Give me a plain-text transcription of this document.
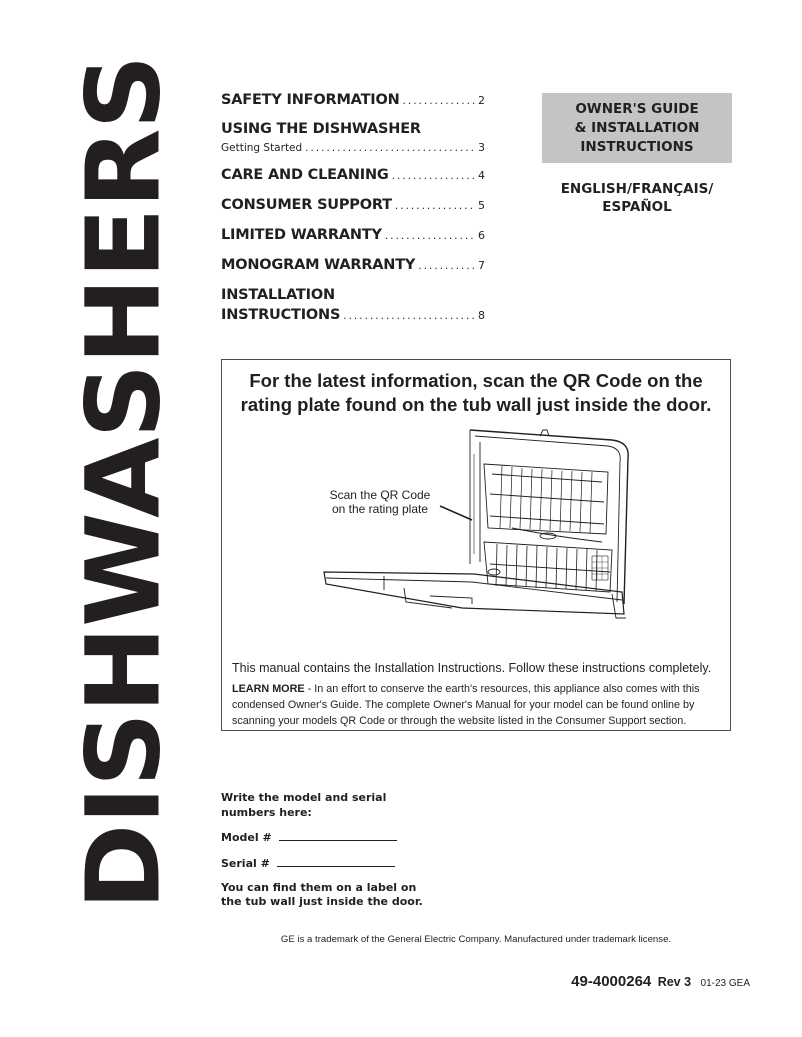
DISHWASHERS	SAFETY INFORMATION .....	2
USING THE DISHWASHER
Getting Started .....	3
CARE AND CLEANING .....	4
CONSUMER SUPPORT .....	5
LIMITED WARRANTY .....	6
MONOGRAM WARRANTY .....	7
INSTALLATION
INSTRUCTIONS .....	8
OWNER'S GUIDE
& INSTALLATION
INSTRUCTIONS
ENGLISH/FRANÇAIS/
ESPAÑOL
For the latest information, scan the QR Code on the
rating plate found on the tub wall just inside the door.
Scan the QR Code
on the rating plate
This manual contains the Installation Instructions. Follow these instructions completely.
LEARN MORE - In an effort to conserve the earth's resources, this appliance also comes with this condensed Owner's Guide. The complete Owner's Manual for your model can be found online by scanning your models QR Code or through the website listed in the Consumer Support section.
Write the model and serial
numbers here:
Model #
Serial #
You can find them on a label on
the tub wall just inside the door.
GE is a trademark of the General Electric Company. Manufactured under trademark license.
49-4000264 Rev 3 01-23 GEA
